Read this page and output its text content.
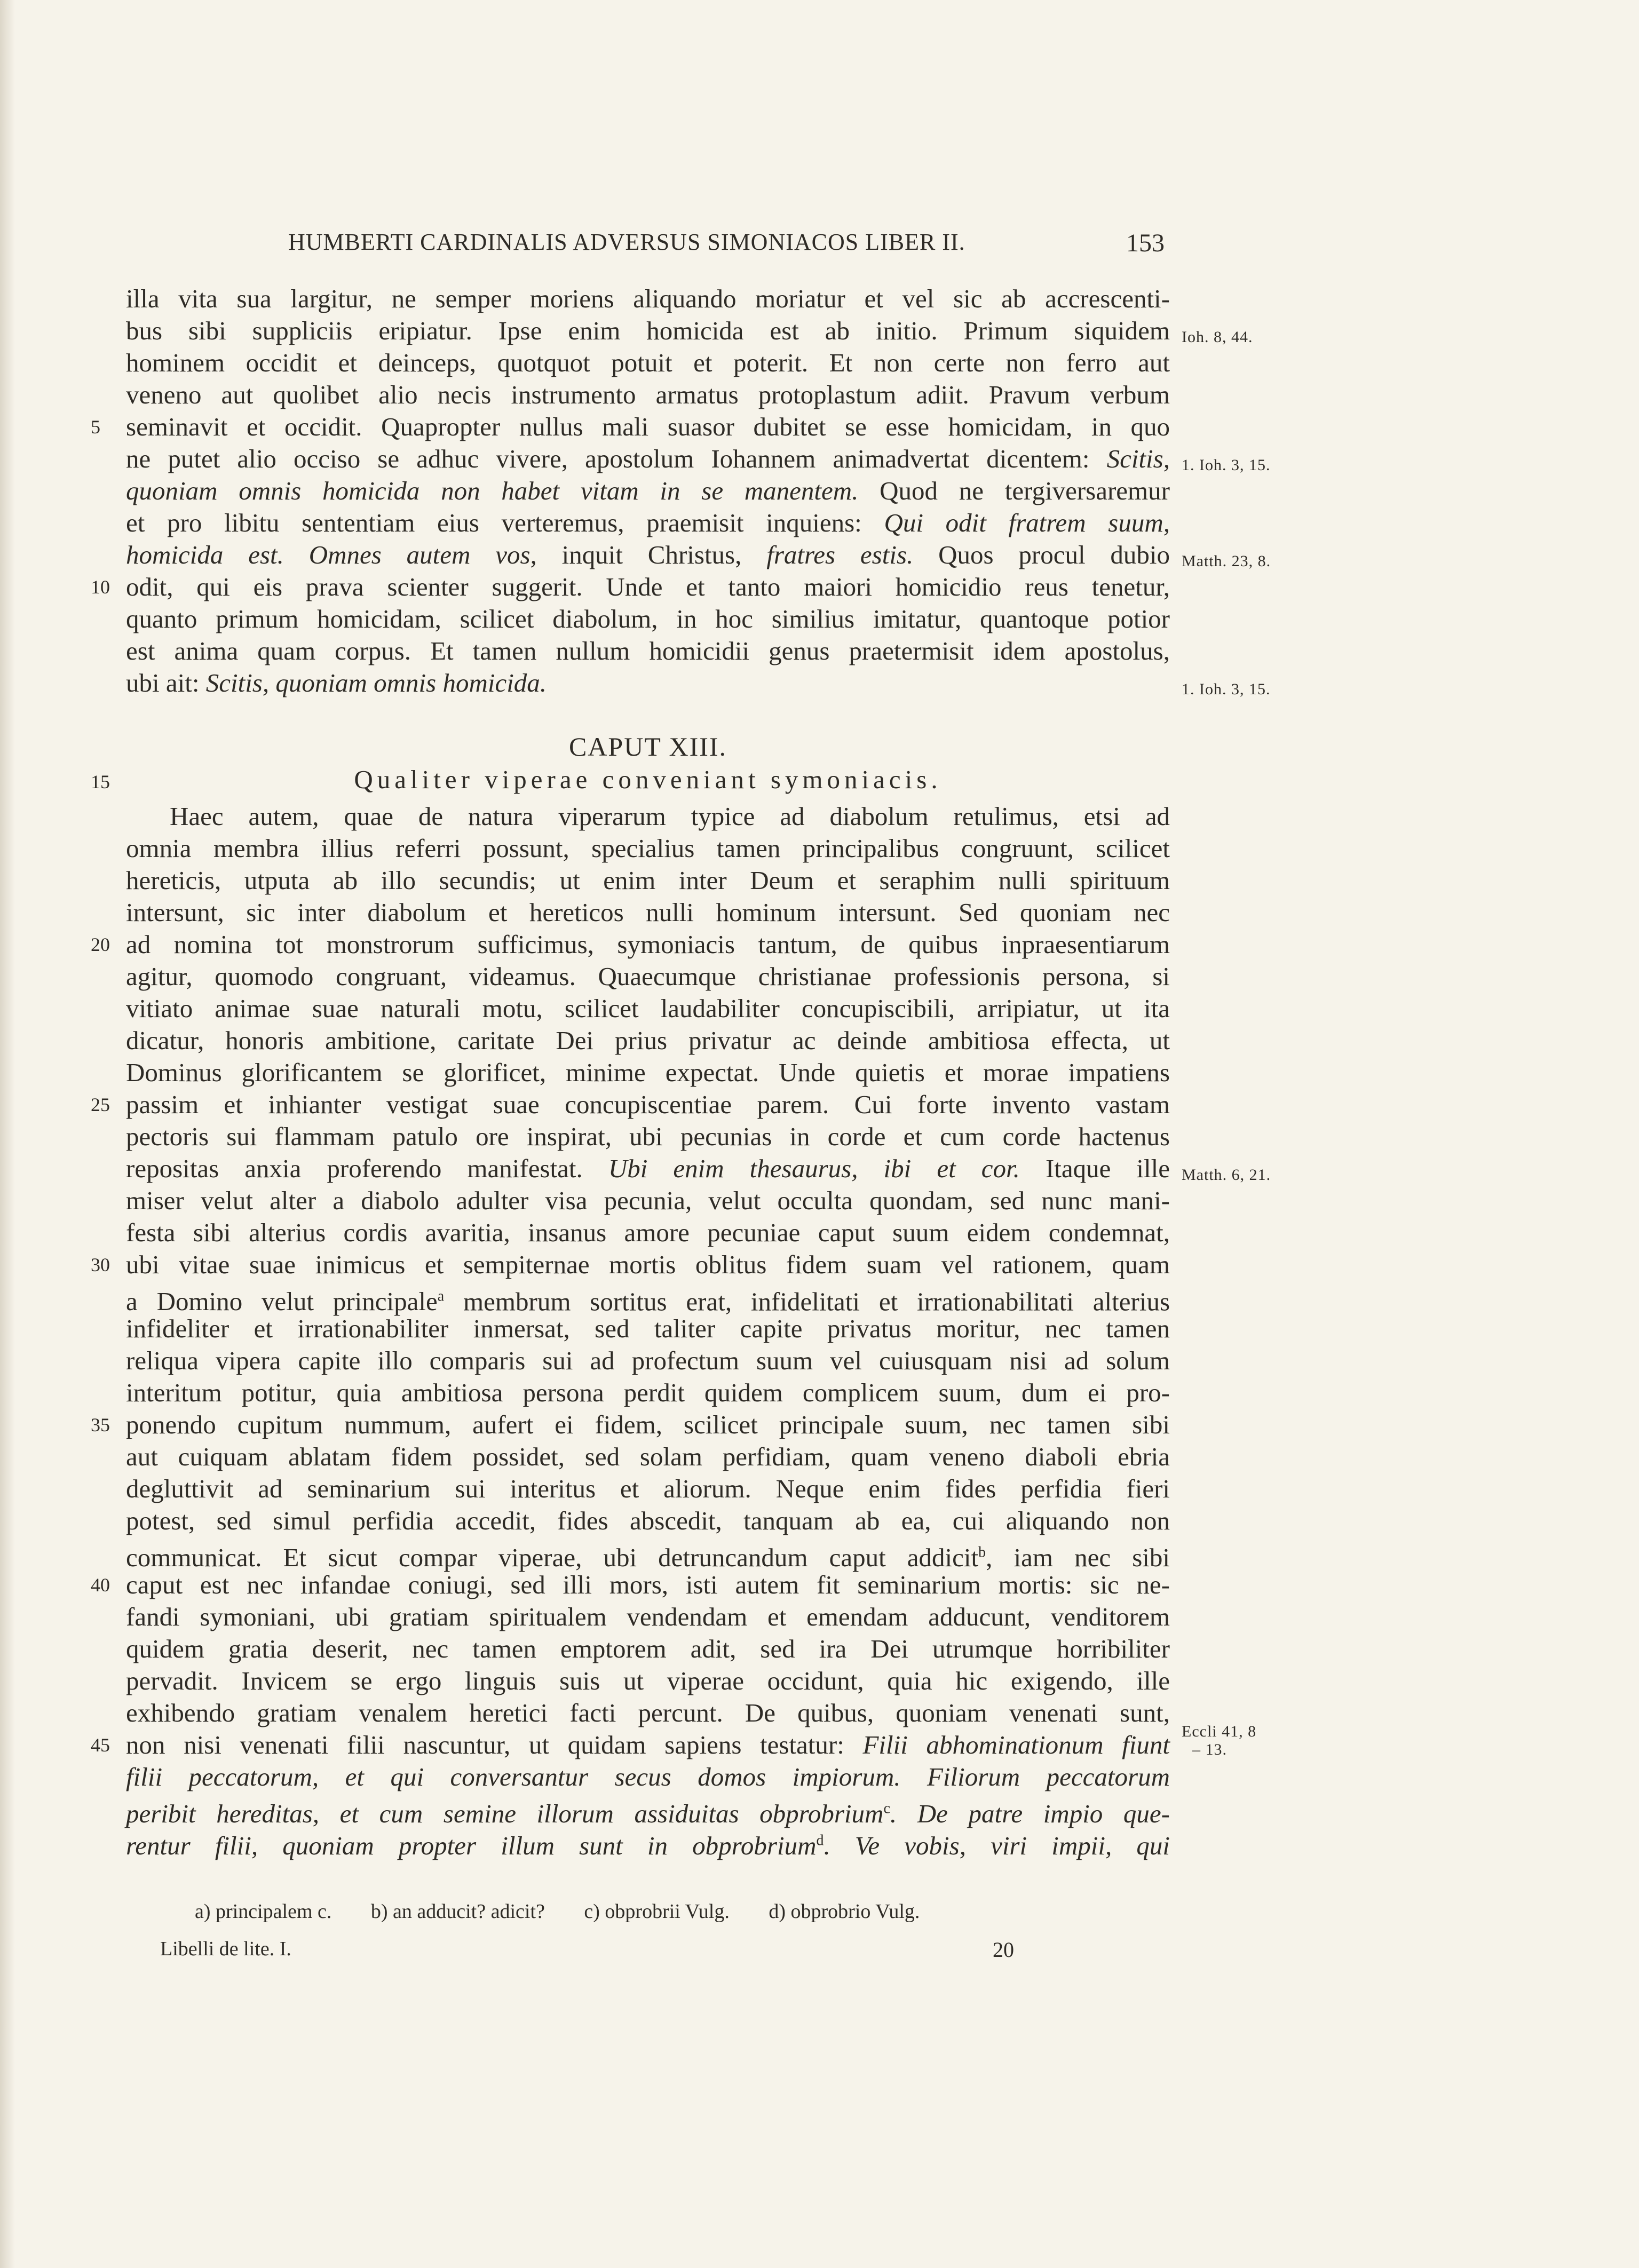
HUMBERTI CARDINALIS ADVERSUS SIMONIACOS LIBER II.	153
illa vita sua largitur, ne semper moriens aliquando moriatur et vel sic ab accrescenti-
bus sibi suppliciis eripiatur. Ipse enim homicida est ab initio. Primum siquidem Ioh. 8, 44.
hominem occidit et deinceps, quotquot potuit et poterit. Et non certe non ferro aut
veneno aut quolibet alio necis instrumento armatus protoplastum adiit. Pravum verbum
5 seminavit et occidit. Quapropter nullus mali suasor dubitet se esse homicidam, in quo
ne putet alio occiso se adhuc vivere, apostolum Iohannem animadvertat dicentem: Scitis, 1. Ioh. 3, 15.
quoniam omnis homicida non habet vitam in se manentem. Quod ne tergiversaremur
et pro libitu sententiam eius verteremus, praemisit inquiens: Qui odit fratrem suum,
homicida est. Omnes autem vos, inquit Christus, fratres estis. Quos procul dubio Matth. 23, 8.
10 odit, qui eis prava scienter suggerit. Unde et tanto maiori homicidio reus tenetur,
quanto primum homicidam, scilicet diabolum, in hoc similius imitatur, quantoque potior
est anima quam corpus. Et tamen nullum homicidii genus praetermisit idem apostolus,
ubi ait: Scitis, quoniam omnis homicida.	1. Ioh. 3, 15.
CAPUT XIII.
15	Qualiter viperae conveniant symoniacis.
Haec autem, quae de natura viperarum typice ad diabolum retulimus, etsi ad
omnia membra illius referri possunt, specialius tamen principalibus congruunt, scilicet
hereticis, utputa ab illo secundis; ut enim inter Deum et seraphim nulli spirituum
intersunt, sic inter diabolum et hereticos nulli hominum intersunt. Sed quoniam nec
20 ad nomina tot monstrorum sufficimus, symoniacis tantum, de quibus inpraesentiarum
agitur, quomodo congruant, videamus. Quaecumque christianae professionis persona, si
vitiato animae suae naturali motu, scilicet laudabiliter concupiscibili, arripiatur, ut ita
dicatur, honoris ambitione, caritate Dei prius privatur ac deinde ambitiosa effecta, ut
Dominus glorificantem se glorificet, minime expectat. Unde quietis et morae impatiens
25 passim et inhianter vestigat suae concupiscentiae parem. Cui forte invento vastam
pectoris sui flammam patulo ore inspirat, ubi pecunias in corde et cum corde hactenus
repositas anxia proferendo manifestat. Ubi enim thesaurus, ibi et cor. Itaque ille Matth. 6, 21.
miser velut alter a diabolo adulter visa pecunia, velut occulta quondam, sed nunc mani-
festa sibi alterius cordis avaritia, insanus amore pecuniae caput suum eidem condemnat,
30 ubi vitae suae inimicus et sempiternae mortis oblitus fidem suam vel rationem, quam
a Domino velut principale$^a$ membrum sortitus erat, infidelitati et irrationabilitati alterius
infideliter et irrationabiliter inmersat, sed taliter capite privatus moritur, nec tamen
reliqua vipera capite illo comparis sui ad profectum suum vel cuiusquam nisi ad solum
interitum potitur, quia ambitiosa persona perdit quidem complicem suum, dum ei pro-
35 ponendo cupitum nummum, aufert ei fidem, scilicet principale suum, nec tamen sibi
aut cuiquam ablatam fidem possidet, sed solam perfidiam, quam veneno diaboli ebria
degluttivit ad seminarium sui interitus et aliorum. Neque enim fides perfidia fieri
potest, sed simul perfidia accedit, fides abscedit, tanquam ab ea, cui aliquando non
communicat. Et sicut compar viperae, ubi detruncandum caput addicit$^b$, iam nec sibi
40 caput est nec infandae coniugi, sed illi mors, isti autem fit seminarium mortis: sic ne-
fandi symoniani, ubi gratiam spiritualem vendendam et emendam adducunt, venditorem
quidem gratia deserit, nec tamen emptorem adit, sed ira Dei utrumque horribiliter
pervadit. Invicem se ergo linguis suis ut viperae occidunt, quia hic exigendo, ille
exhibendo gratiam venalem heretici facti percunt. De quibus, quoniam venenati sunt,
45 non nisi venenati filii nascuntur, ut quidam sapiens testatur: Filii abhominationum fiunt Eccli 41, 8
– 13.
filii peccatorum, et qui conversantur secus domos impiorum. Filiorum peccatorum
peribit hereditas, et cum semine illorum assiduitas obprobrium$^c$. De patre impio que-
rentur filii, quoniam propter illum sunt in obprobrium$^d$. Ve vobis, viri impii, qui
a) principalem c. b) an adducit? adicit? c) obprobrii Vulg. d) obprobrio Vulg.
Libelli de lite. I.	20
